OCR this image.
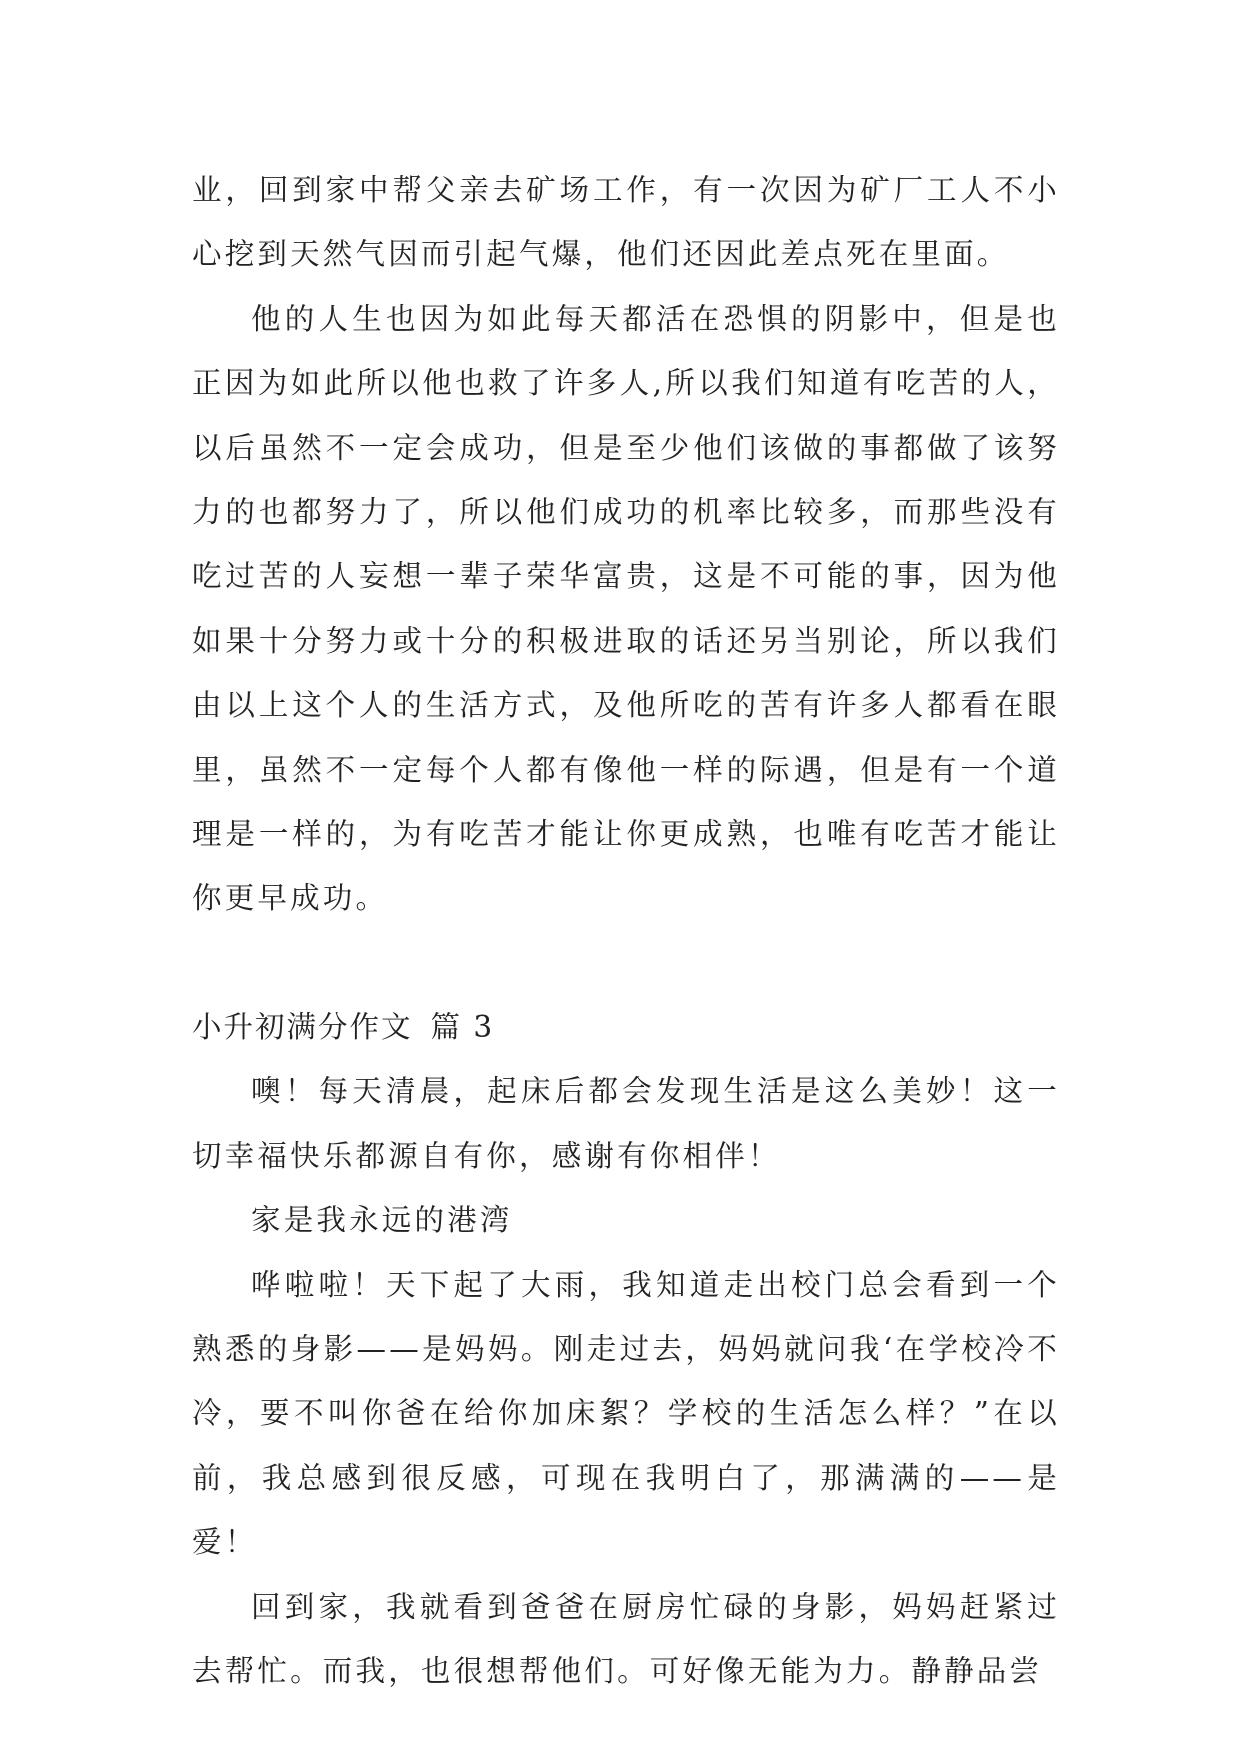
业，回到家中帮父亲去矿场工作，有一次因为矿厂工人不小心挖到天然气因而引起气爆，他们还因此差点死在里面。

他的人生也因为如此每天都活在恐惧的阴影中，但是也正因为如此所以他也救了许多人,所以我们知道有吃苦的人，以后虽然不一定会成功，但是至少他们该做的事都做了该努力的也都努力了，所以他们成功的机率比较多，而那些没有吃过苦的人妄想一辈子荣华富贵，这是不可能的事，因为他如果十分努力或十分的积极进取的话还另当别论，所以我们由以上这个人的生活方式，及他所吃的苦有许多人都看在眼里，虽然不一定每个人都有像他一样的际遇，但是有一个道理是一样的，为有吃苦才能让你更成熟，也唯有吃苦才能让你更早成功。

小升初满分作文 篇 3

噢！每天清晨，起床后都会发现生活是这么美妙！这一切幸福快乐都源自有你，感谢有你相伴！

家是我永远的港湾

哗啦啦！天下起了大雨，我知道走出校门总会看到一个熟悉的身影——是妈妈。刚走过去，妈妈就问我‘在学校冷不冷，要不叫你爸在给你加床絮？学校的生活怎么样？”在以前，我总感到很反感，可现在我明白了，那满满的——是爱！

回到家，我就看到爸爸在厨房忙碌的身影，妈妈赶紧过去帮忙。而我，也很想帮他们。可好像无能为力。静静品尝
